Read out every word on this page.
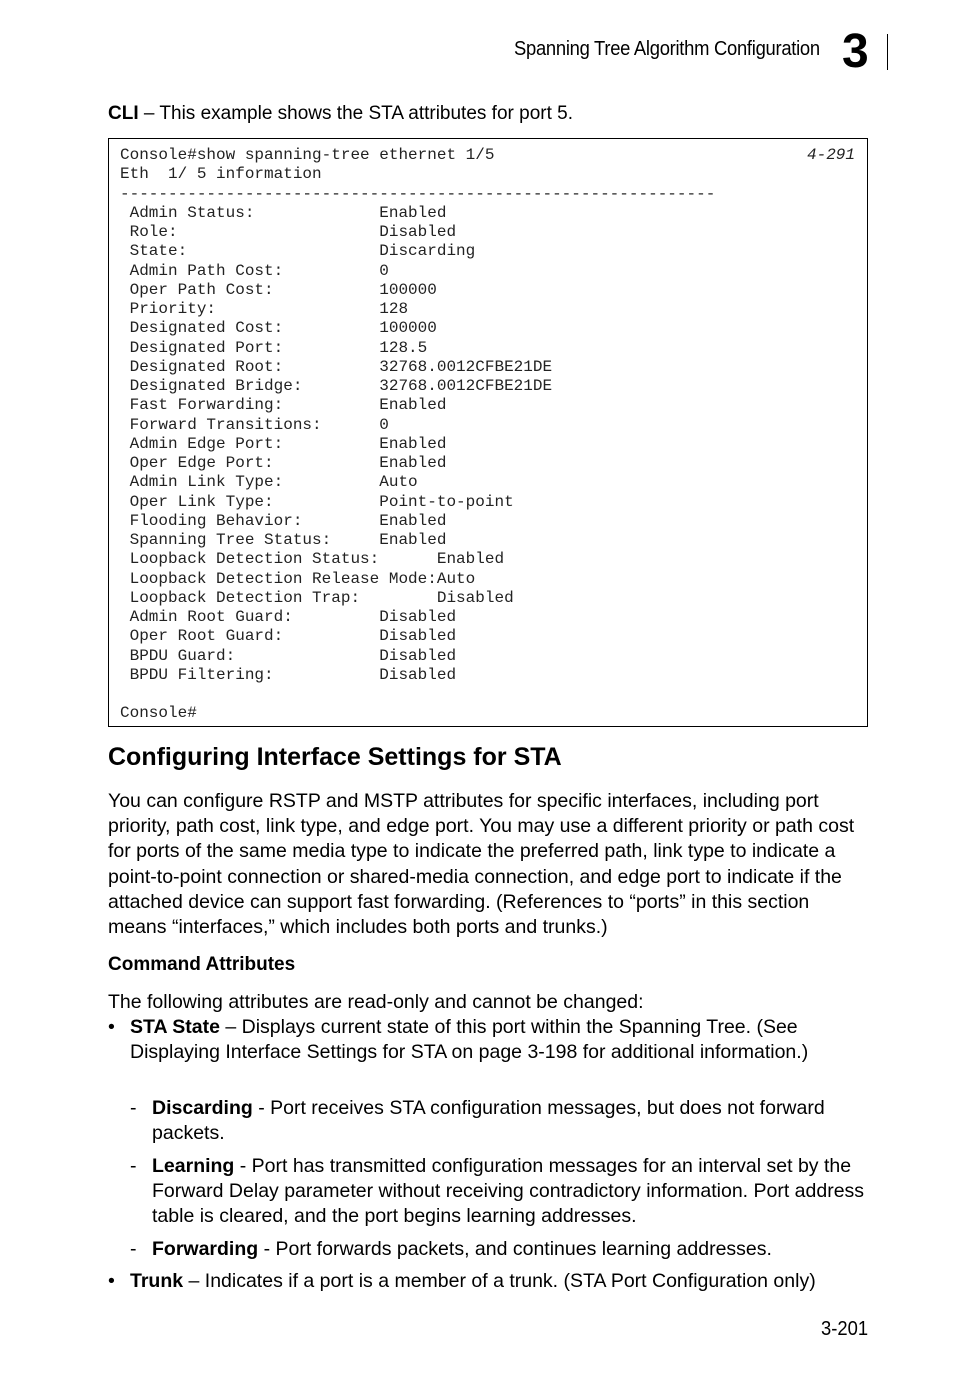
Spanning Tree Algorithm Configuration 3
CLI – This example shows the STA attributes for port 5.
Console#show spanning-tree ethernet 1/5
Eth  1/ 5 information
--------------------------------------------------------------
Admin Status:             Enabled
Role:                     Disabled
State:                    Discarding
Admin Path Cost:          0
Oper Path Cost:           100000
Priority:                 128
Designated Cost:          100000
Designated Port:          128.5
Designated Root:          32768.0012CFBE21DE
Designated Bridge:        32768.0012CFBE21DE
Fast Forwarding:          Enabled
Forward Transitions:      0
Admin Edge Port:          Enabled
Oper Edge Port:           Enabled
Admin Link Type:          Auto
Oper Link Type:           Point-to-point
Flooding Behavior:        Enabled
Spanning Tree Status:     Enabled
Loopback Detection Status:      Enabled
Loopback Detection Release Mode:Auto
Loopback Detection Trap:        Disabled
Admin Root Guard:         Disabled
Oper Root Guard:          Disabled
BPDU Guard:               Disabled
BPDU Filtering:           Disabled

Console#
4-291
Configuring Interface Settings for STA

You can configure RSTP and MSTP attributes for specific interfaces, including port priority, path cost, link type, and edge port. You may use a different priority or path cost for ports of the same media type to indicate the preferred path, link type to indicate a point-to-point connection or shared-media connection, and edge port to indicate if the attached device can support fast forwarding. (References to “ports” in this section means “interfaces,” which includes both ports and trunks.)

Command Attributes

The following attributes are read-only and cannot be changed:

• STA State – Displays current state of this port within the Spanning Tree. (See Displaying Interface Settings for STA on page 3-198 for additional information.)
- Discarding - Port receives STA configuration messages, but does not forward packets.
- Learning - Port has transmitted configuration messages for an interval set by the Forward Delay parameter without receiving contradictory information. Port address table is cleared, and the port begins learning addresses.
- Forwarding - Port forwards packets, and continues learning addresses.
• Trunk – Indicates if a port is a member of a trunk. (STA Port Configuration only)
3-201
